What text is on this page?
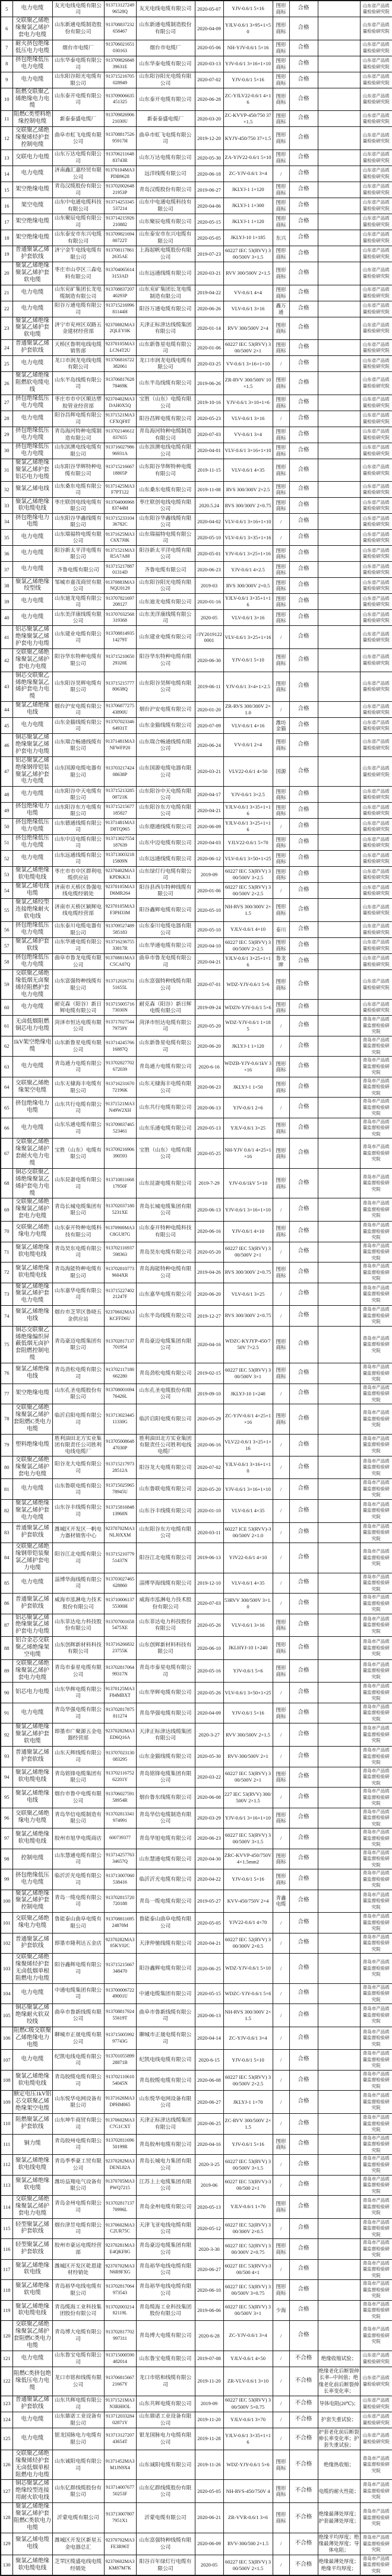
5	电力电缆	友光电线电缆有限公司	91371312724996528Q	友光电线电缆有限公司	2020-05-07	YJV-0.6/1 5×16	图形商标	合格		山东省产品质量检验研究院
6	交联聚乙烯绝缘聚氯乙烯护套电力电缆	山东新通电缆制造股份有限公司	913708837232658467	山东新通电缆制造股份有限公司	2020-04-09	YJLV-0.6/1 3×95+1×50	图形商标	合格		山东省产品质量检验研究院
7	耐火挤包绝缘低压电力电缆	烟台市电缆厂	913706021651030163	烟台市电缆厂	2020-05-06	NH-YJV-0.6/1 5×16	图形商标	合格		山东省产品质量检验研究院
8	挤包绝缘低压电力电缆	山东华泰电缆有限公司	91370982684839631E	山东华泰电缆有限公司	2020-03-13	YJV-0.6/1 3×16+1×10	图形商标	合格		山东省产品质量检验研究院
9	电力电缆	山东阳谷阳光电缆有限公司	913715216705028949	山东阳谷阳光电缆有限公司	2020-07-02	YJV-0.6/1 5×16	图形商标	合格		山东省产品质量检验研究院
10	阻燃交联聚乙烯绝缘电力电缆	山东泰开电缆有限公司	913709006635451325	山东泰开电缆有限公司	2020-06-28	ZC-YJLV22-0.6/1 4×16	图形商标	合格		山东省产品质量检验研究院
11	阻燃C类塑料绝缘控制电缆	新泰泰盛电缆厂	91370982690621030U	新泰泰盛电缆厂	2020-03-20	ZC-KVVP-450/750 37×1.5	图形商标	合格		山东省产品质量检验研究院
12	交联聚乙烯绝缘聚烯烃护套控制电缆	曲阜市虹飞电缆有限公司	91370881752695917H	曲阜市虹飞电缆有限公司	2019-12-20	KYJY-450/750 37×1.5	图形商标	合格		山东省产品质量检验研究院
13	交联电力电缆	山东万达电缆有限公司	91370621164883743R	山东万达电缆有限公司	2020-05-30	ZA-YJV22-0.6/1 5×10	图形商标	合格		山东省产品质量检验研究院
14	电力电缆	济南鑫汇嘉经贸有限公司	91370104MA3PDB9628	远洋线缆有限公司	2020-06-18	ZC-YJV-0.6/1 3×4	/	合格		山东省产品质量检验研究院
15	架空绝缘电缆	青岛汉缆股份有限公司	91370200264821953P	青岛汉缆股份有限公司	2019-06-27	JKLYJ-1 1×120	图形商标	合格		山东省产品质量检验研究院
16	架空电缆	山东中电通电缆科技有限公司	913714253345537214	山东中电通电缆科技有限公司	2020-04-06	JKLYJ-1 1×300	图形商标	合格		山东省产品质量检验研究院
17	架空绝缘电缆	山东聚辰电缆有限公司	913714215926210882	山东聚辰电缆有限公司	2020-05-15	JKLYJ-1 1×120	图形商标	合格		山东省产品质量检验研究院
18	架空绝缘电缆	山东泰安市东兴电缆有限公司	91370982169400722T	山东泰安市东兴电缆有限公司	2020-05-05	JKLYJ-10 1×185	东兴	合格		山东省产品质量检验研究院
19	普通聚氯乙烯护套软线	济宁金牛电线电缆有限公司	9137081178612635AE	上海起帆电缆股份有限公司	2019-07-23	60227 IEC 53(RVV) 300/500V 3×1.5	图形商标	合格		山东省产品质量检验研究院
20	聚氯乙烯绝缘聚氯乙烯护套软电缆	枣庄市山亭区三森电料有限公司	9137040656143153AD	山东远通线缆有限公司	2020-03-21	RVV 300/500V 2×1.5	图形商标	合格		山东省产品质量检验研究院
21	电力电缆	山东兖矿集团长龙电缆制造有限公司	91370883720740293P	山东兖矿集团长龙电缆制造有限公司	2019-04-22	VV-0.6/1 4×4	图形商标	合格		山东省产品质量检验研究院
22	电力电缆	阳谷万通电缆有限公司	91371521699681144H	阳谷万通电缆有限公司	2020-06-26	VLV-0.6/1 3×16	鑫万通	合格		山东省产品质量检验研究院
23	聚氯乙烯绝缘聚氯乙烯护套软电缆	济宁市兖州区双路五金建材经营部	92370882MA32QLEY0K	天津正标津达线缆集团有限公司	2020-01-14	RVV 300/500V 2×4	图形商标	合格		山东省产品质量检验研究院
24	普通聚氯乙烯护套软线	天桥区鲁明电线电缆销售部	92370105MA3LCN4T2U	山东新鲁星电缆有限公司	2020-01-06	60227 IEC 53(RVV) 300/500V 2×1	图形商标	合格		山东省产品质量检验研究院
25	电力电缆	龙口市润龙电线电缆有限公司	913706816722382061	龙口市润龙电线电缆有限公司	2020-03-25	VV-0.6/1 3×16+1×10	/	合格		山东省产品质量检验研究院
26	聚氯乙烯绝缘阻燃软电缆电线	山东半岛线缆有限公司	91370681762878469K	山东半岛线缆有限公司	2019-06-26	ZR-RVV 300/500V 10×1.5	图形商标	合格		山东省产品质量检验研究院
27	挤包绝缘低压电力电缆	枣庄市市中区顺达塑胶管业经营部	92370402MA3DAH0X5Q	宝胜（山东）电缆有限公司	2019-10-16	YJV-0.6/1 3×10+1×6	图形商标	合格		山东省产品质量检验研究院
28	电力电缆	阳谷昌辉电缆有限公司	91371521MA3CFXQF8T	阳谷昌辉电缆有限公司	2020-05-23	VLV-0.6/1 3×16	/	合格		山东省产品质量检验研究院
29	挤包绝缘低压电力电缆	青岛海河特种电缆制造有限公司	913702146612837655	青岛海河特种电缆制造有限公司	2020-07-03	VV-0.6/1 3×4	图形商标	合格		山东省产品质量检验研究院
30	挤包绝缘低压电力电缆	山东滨澳电线电缆有限公司	91371602798696931A	山东滨澳电线电缆有限公司	2020-04-01	VLV-0.6/1 3×16+1×10	图形商标	合格		山东省产品质量检验研究院
31	聚氯乙烯绝缘聚氯乙烯护套铝芯电力电缆	山东阳谷华辉特种电缆有限公司	91371521666718805P	山东阳谷华辉特种电缆有限公司	2019-11-15	VLV-0.6/1 4×35	图形商标	合格		山东省产品质量检验研究院
32	聚氯乙烯电线	山东桑东电缆有限公司	91371425MA3F7PT122	山东桑东电缆有限公司	2019-11-08	RVS 300/300V 2×2.5	图形商标	合格		山东省产品质量检验研究院
33	聚氯乙烯绝缘软电缆电线	枣庄联创电线电缆有限公司	91370400696883744M	枣庄联创电线电缆有限公司	2020.5.24	RVS 300/300V 2×0.75	图形商标	合格		山东省产品质量检验研究院
34	挤包绝缘电力电缆	山东阳谷华鑫线缆有限公司	91371523310436782C	山东阳谷华鑫线缆有限公司	2020-04-02	VLV-0.6/1 3×16+1×10	/	合格		山东省产品质量检验研究院
35	电力电缆	山东瑞福特电缆有限公司	91371625MA3C6X7J0K	山东瑞福特电缆有限公司	2020-05-10	VLV-0.6/1 3×35+1×16	/	合格		山东省产品质量检验研究院
36	电力电缆	阳谷新太平洋电缆有限公司	91371521MA3R5A7A88	阳谷新太平洋电缆有限公司	2020-05-01	YJV-0.6/1 3×25+1×16	图形商标	合格		山东省产品质量检验研究院
37	电力电缆	齐鲁电缆有限公司	91371521788701314D	齐鲁电缆有限公司	2020-06-23	YJV-0.6/1 4×2.5	图形商标	合格		山东省产品质量检验研究院
38	聚氯乙烯绝缘绞型线	邹城市嘉茂商贸有限公司	91370883MA3NQU0129	山东阳谷阳光电缆有限公司	2019-03	RVS 300/300V 2×0.5	图形商标	合格		山东省产品质量检验研究院
39	电力电缆	山东迪龙电缆有限公司	913707821697208127	山东迪龙电缆有限公司	2020-01-16	YJLV-0.6/1 3×35+1×16	图形商标	合格		山东省产品质量检验研究院
40	电力电缆	山东美洋康线缆有限公司	913707032568319368	山东美洋康线缆有限公司	2020-05	VLV-0.6/1 3×16	图形商标	合格		山东省产品质量检验研究院
41	铝芯聚氯乙烯绝缘聚氯乙烯护套电力电缆	山东建业电缆有限公司	91370881493514279T	山东建业电缆有限公司	//JY20191220001	VLV-0.6/1 3×25+1×16	/	合格		山东省产品质量检验研究院
42	交联聚乙烯绝缘聚氯乙烯护套电力电缆	阳谷华东特种电缆有限公司	91371521065029320E	阳谷华东特种电缆有限公司	2020-06-30	YJV-0.6/1 5×10	图形商标	合格		山东省产品质量检验研究院
43	铜芯交联聚乙烯绝缘聚氯乙烯护套电力电缆	山东阳谷昊辉电缆有限公司	91371521577780638Q	山东阳谷昊辉电缆有限公司	2019-06-11	YJV-0.6/1 3×4+1×2.5	图形商标	合格		山东省产品质量检验研究院
44	聚氯乙烯绝缘电线	烟台沪安电缆有限公司	91370687727543890U	烟台沪安电缆有限公司	2020-01-20	ZR-RVS 300/300V 2×1.0	/	合格		山东省产品质量检验研究院
45	电力电缆	山东金猫线缆有限公司	91370702334664931T	山东金猫线缆有限公司	2020-07-09	VLV-0.6/1 4×16	潍坊金猫	合格		山东省产品质量检验研究院
46	铜芯聚氯乙烯绝缘聚氯乙烯护套电力电缆	山东瑞合畅通线缆有限公司	91371481MA3NFWFP20	山东瑞合畅通线缆有限公司	2020-06-24	VV-0.6/1 2×4	图形商标	合格		山东省产品质量检验研究院
47	铝芯聚氯乙烯绝缘钢带铠装聚氯乙烯护套电力电缆	山东国源电缆电器有限公司	91370321742408638P	山东国源电缆电器有限公司	2020-03-21	VLV22-0.6/1 4×50	国源	合格		山东省产品质量检验研究院
48	电力电缆	山东阳谷中天电缆有限公司	91371521328508721K	山东阳谷中天电缆有限公司	2020-04-17	YJV-0.6/1 3×2.5	图形商标	合格		山东省产品质量检验研究院
49	挤包绝缘电力电缆	山东阳谷东方电缆有限公司	913715215677185827	山东阳谷东方电缆有限公司	2020-04-21	YJLV-0.6/1 3×35+1×16	图形商标	合格		山东省产品质量检验研究院
50	挤包绝缘低压电力电缆	山东德通线缆有限公司	91371481MA3D8TQ965	山东德通线缆有限公司	2020-06-09	YJLV-0.6/1 3×25+1×16	/	合格		山东省产品质量检验研究院
51	挤包绝缘低压电力电缆	山东中迈电缆有限公司	913713027554187639	山东中迈电缆有限公司	2020-04-03	YJLV22-0.6/1 5×70	图形商标	合格		山东省产品质量检验研究院
52	电力电缆	山东远通线缆有限公司	91371300321815809N	山东远通线缆有限公司	2020-06-12	VLV-0.6/1 3×50+1×25	图形商标	合格		山东省产品质量检验研究院
53	聚氯乙烯绝缘软电缆电线	枣庄市市中区群利电缆供应站	92370402MA3KPDKK31	山东绿灯行电缆有限公司	2019-09	60227 IEC 53(RVV) 300/500V 3×2.5	图形商标	合格		山东省产品质量检验研究院
54	聚氯乙烯电线电缆	济南市天桥区鲁强电线电缆经销处	92370105MA3D6MR264	阳谷县西尔特种线缆有限公司	2020-01-06	60227 IEC 53(RVV) 300/500V 2×2.5	/	合格		山东省产品质量检验研究院
55	聚氯乙烯绞型连接绝缘耐火软电线	济南市天桥区颖辉电线电缆经营部	92370105MA3F3PH33M	阳谷鑫辉电缆有限公司	2020-05-10	NH-RVS 300/300V 2×1.5	图形商标	合格		山东省产品质量检验研究院
56	挤包绝缘低压电力电缆	山东泰川电缆电器有限公司	913709527489585183	山东泰川电缆电器有限公司	2020-05-10	YJLV-0.6/1 4×10	泰川	合格		山东省产品质量检验研究院
57	聚氯乙烯护套软线	山东华通电缆有限公司	91371623675533817R	山东华通电缆有限公司	2020-04-10	60227 IEC 53(RVV) 300/500V 2×2.5	图形商标	合格		山东省产品质量检验研究院
58	挤包绝缘低压电力电缆	曲阜市鲁龙电缆有限公司	91370881MA3C5CA07Q	曲阜市鲁龙电缆有限公司	2020-04-21	YJLV-0.6/1 3×25+1×16	鲁龙牌	合格		山东省产品质量检验研究院
59	交联聚乙烯绝缘低烟无卤聚烯烃阻燃护套电力电缆	山东富强特种线缆有限公司	91371202673151655L	山东富强特种线缆有限公司	2020-07-01	WDZ-YJY-0.6/1 5×6	图形商标	合格		山东省产品质量检验研究院
60	电力电缆	耐克森（阳谷）新日辉电缆有限公司	91371500571673030N	耐克森（阳谷）新日辉电缆有限公司	2019-09-24	WDZN-YJY-0.6/1 5×6	图形商标	合格		山东省产品质量检验研究院
61	无卤低烟阻燃铜芯电力电缆	菏泽市恒达电缆有限公司	91371702754479759Y	菏泽市恒达电缆有限公司	2020-05-20	WDZ-YJY-0.6/1 1×185	/	合格		青岛市产品质量监督检验研究院
62	1kV架空绝缘电缆	山东新鲁星电缆有限公司	91371424576616887Q	山东新鲁星电缆有限公司	2020-06-20	JKLYJ-1 1×120	/	合格		青岛市产品质量监督检验研究院
63	电力电缆	青岛通力电缆有限公司	913702827702672039	青岛通力电缆有限公司	2020-6-16	WDZB-YJY-0.6/1kV 3×16	图形商标	合格		青岛市产品质量监督检验研究院
64	交联聚乙烯绝缘架空电缆	山东无棣海丰电缆有限公司	91371623167072196K	山东无棣海丰电缆有限公司	2020-06-23	JKLYJ-1 1×50	图形商标	合格		青岛市产品质量监督检验研究院
65	挤包绝缘电力电缆	山东共行电缆有限公司	91371521MA3N49W2XH	山东共行电缆有限公司	2020-06-13	YJV-0.6/1 2×6	/	合格		青岛市产品质量监督检验研究院
66	电力电缆	山东乐通电缆有限公司	913709837465523461	山东乐通电缆有限公司	2020-05-13	YJLV-0.6/1 3×25	图形商标	合格		青岛市产品质量监督检验研究院
67	交联聚乙烯绝缘聚氯乙烯护套耐火电力电缆	宝胜（山东）电缆有限公司	913709216906390593	宝胜（山东）电缆有限公司	2020-05-25	NH-YJV 0.6/1 4×25+1×16	图形商标	合格		青岛市产品质量监督检验研究院
68	铜芯交联聚乙烯绝缘聚氯乙烯护套电力电缆	山东昆嵛电缆有限公司	91371081166817950F	山东昆嵛电缆有限公司	2019-7-29	YJV-0.6/1kV 5×10	图形商标	合格		青岛市产品质量监督检验研究院
69	交联聚乙烯绝缘聚氯乙烯护套电力电缆	青岛长城电缆集团有限公司	9137020371805231XE	青岛长城电缆集团有限公司	2020-06-13	YJV-0.6/1 3×16+1×10	/	合格		青岛市产品质量监督检验研究院
70	交联聚乙烯绝缘电力电缆	山东泰开特种电缆科技有限公司	91370900MA3C8GU87G	山东泰开特种电缆科技有限公司	2020-06-16	YJV-0.6/1 4×10	图形商标	合格		青岛市产品质量监督检验研究院
71	聚氯乙烯绝缘软电缆电线	青岛昊东电缆有限公司	913702116937598363	青岛昊东电缆有限公司	2020-05-20	60227 IEC 53(RVV) 300/500V 2×1	/	合格		青岛市产品质量监督检验研究院
72	聚氯乙烯绝缘软电缆电线	青岛海能特种电缆有限公司	9137028107739604XR	青岛海能特种电缆有限公司	2019-04-26	RVS 300/300V 2×0.75	图形商标	合格		青岛市产品质量监督检验研究院
73	聚氯乙烯绝缘聚氯乙烯护套电力电缆	山东嘉华电缆有限公司	91371522740221247F	山东嘉华电缆有限公司	2020-06-20	VLV-0.6/1 3×25	/	合格		青岛市产品质量监督检验研究院
74	聚氯乙烯绝缘电线	烟台市芝罘区鲁晓五金供应站	92370602MA3KCFFD6U	山东半岛线缆有限公司	2019-12-27	RVS 300/300V 2×0.75	/	合格		青岛市产品质量监督检验研究院
75	铜芯交联聚乙烯绝缘编织屏蔽低烟无卤护套阻燃控制电缆	青岛豪迈电缆集团有限公司	913702817137701954	青岛豪迈电缆集团有限公司	2020-04-16	WDZC-KYJYP-450/750V 7×2.5	图形商标	合格		青岛市产品质量监督检验研究院
76	聚氯乙烯绝缘电线	青岛劲松电缆有限公司	913702117180662280	青岛劲松电缆有限公司	2019-02-15	60227 IEC 53(RVV) 300/500V 3×1	图形商标	合格		青岛市产品质量监督检验研究院
77	架空绝缘电缆	山东孔圣电缆股份有限公司	91370800169476426L	山东孔圣电缆股份有限公司	2019-09-10	JKLYJ-10 1×240	/	合格		青岛市产品质量监督检验研究院
78	交联聚乙烯绝缘聚氯乙烯护套阻燃C类电力电缆	临沂启阳电缆有限公司	91371302344511330G	临沂启阳电缆有限公司	2020-05-29	ZC-YJV-0.6/1 4×25+1×16	图形商标	合格		青岛市产品质量监督检验研究院
79	塑料绝缘电缆	胜利油田北方实业集团有限责任公司胜利电线电缆厂	91370500864847030P	胜利油田北方实业集团有限责任公司胜利电线电缆厂	2020-06-16	VLV22-0.6/1 3×25+1×16	/	合格		青岛市产品质量监督检验研究院
80	交联聚乙烯绝缘聚氯乙烯护套电力电缆	阳谷龙大电缆有限公司	91371521797328512A	阳谷龙大电缆有限公司	2020-07-02	YJLV-0.6/1 3×16+1×10	/	合格		青岛市产品质量监督检验研究院
81	电力电缆	山东鲁联电缆有限公司	91371502596578945U	山东鲁联电缆有限公司	2020-05-20	YJV-0.6/1 3×16+1×10	/	合格		青岛市产品质量监督检验研究院
82	聚氯乙烯绝缘聚氯乙烯护套电力电缆	山东谷丰线缆有限公司	91371581684813968N	山东谷丰线缆有限公司	2020-01-10	VLV-0.6/1 4×35	/	合格		青岛市产品质量监督检验研究院
83	普通聚氯乙烯护套软线	潍城区开发区一帆电力器材销售中心	92370702MA3NLJ0XXM	山东阳谷东方电缆有限公司	2020-03-11	60227 ICE 53(RVV)-300/500V 2×1.0	/	合格		青岛市产品质量监督检验研究院
84	交联聚乙烯绝缘钢带铠装聚氯乙烯护套电力电缆	阳谷江北电缆有限公司	91371521077951437N	阳谷江北电缆有限公司	2019-06-13	YJV22-0.6/1 4×10	/	合格		青岛市产品质量监督检验研究院
85	电力电缆	淄博华海线缆有限公司	913703027465628860	淄博华海线缆有限公司	2019-12-10	VLV-0.6/1 4×35	/	合格		青岛市产品质量监督检验研究院
86	普通聚氯乙烯护套软线	威海市泓淋电力技术股份有限公司	91371000613755300H	威海市泓淋电力技术股份有限公司	2020-07-03	53RVV 300/500V 3×1.0	/	合格		青岛市产品质量监督检验研究院
87	铝芯聚氯乙烯绝缘聚氯乙烯护套电力电缆	山东菲达电力科技股份有限公司	9137070016585475XE	山东菲达电力科技股份有限公司	2020-05-26	VLV-0.6/1 3×16	图形商标	合格		青岛市产品质量监督检验研究院
88	铝合金芯交联聚乙烯绝缘架空电缆	山东创辉新材料科技有限公司	91371626683223755K	山东创辉新材料科技有限公司	2020-06-10	JKLHYJ-10 1×240	图形商标	合格		青岛市产品质量监督检验研究院
89	交联聚乙烯绝缘聚氯乙烯护套电力电缆	青岛市泰星电缆有限公司	91370281706499317N	青岛市泰星电缆有限公司	2020-05-16	YJV-0.6/1 5×6	图形商标	合格		青岛市产品质量监督检验研究院
90	铝芯电力电缆	山东华辉电缆有限公司	91370125MA3F84MBXT	山东华辉电缆有限公司	2020-05-26	VLV-0.6/1 3×50+1×25	/	合格		青岛市产品质量监督检验研究院
91	电力电缆	青岛华强电缆有限公司	913702817875811274	青岛华强电缆有限公司	2020-04-09	YJV-0.6/1 5×16	图形商标	合格		青岛市产品质量监督检验研究院
92	聚氯乙烯绝缘聚氯乙烯护套软电缆	即墨市广聚源五金电器经营部	92370282MA3ED6Q16A	天津正标津达线缆集团有限公司	2020-3-27	RVV 300/500V 2×1.5	/	合格		青岛市产品质量监督检验研究院
93	普通聚氯乙烯护套软线	山东天辉线缆有限公司	913707023130083295	山东金猫线缆有限公司	2020-05-30	RVV-300/500V 2×1	/	合格		青岛市产品质量监督检验研究院
94	聚氯乙烯绝缘软电缆电线	青岛铭锋电缆集团有限公司	91370211675262201Y	青岛铭锋电缆集团有限公司	2020-03-22	60227 IEC 53(RVV) 300/500V 2×1	图形商标	合格		青岛市产品质量监督检验研究院
95	聚氯乙烯绝缘电线	烟台市鲁中电缆有限公司	91370602759158954R	烟台鲁东线缆有限公司	2020-06-08	227 IEC 53(RVV) 300/500V 2×1.5	/	合格		青岛市产品质量监督检验研究院
96	交联聚乙烯绝缘电力电缆	青岛华信电缆制造有限公司	913702813341974991	青岛华信电缆制造有限公司	2020-03-29	YJV-0.6/1 3×16+1×10	图形商标	合格		青岛市产品质量监督检验研究院
97	聚氯乙烯绝缘软电缆电线	胶州市旭华电缆商店	600739377	青岛华旭电缆有限公司	2020-06-23	60227 IEC 53(RVV) 300/500V 3×1.5	/	合格		青岛市产品质量监督检验研究院
98	控制电缆	山东慧通电缆有限公司	91371425776334657Q	山东慧通电缆有限公司	2020-04-30	ZRC-KVVP-450/750V 4×1.5mm2	图形商标	合格		青岛市产品质量监督检验研究院
99	挤包绝缘低压电力电缆	临沂沂光电缆有限公司	913713007060538416	临沂沂光电缆有限公司	2020-04-22	YJV-0.6/1 5×16	图形商标	合格		青岛市产品质量监督检验研究院
100	聚氯乙烯绝缘聚氯乙烯护套控制电缆	青岛一缆电缆有限公司	913702815720720188	青岛一缆电缆有限公司	2019-05-27	KVV-450/750V 2×4	青鑫电缆	合格		青岛市产品质量监督检验研究院
101	交联聚乙烯绝缘电力电缆	鲁能泰山曲阜电缆有限公司	91370881169524870M	鲁能泰山曲阜电缆有限公司	2020-05-05	YJV22-0.6/1 4×70	/	合格		青岛市产品质量监督检验研究院
102	普通聚氯乙烯护套软线	即墨市隆利达五金店	92370282MA305KY02C	天津仲驰线缆有限公司	2020-04-21	60227 IEC 52(RVV) 300/300V 2×0.5	/	合格		青岛市产品质量监督检验研究院
103	交联聚乙烯绝缘聚烯烃护套无卤低烟单根阻燃电力电缆	阳谷鑫辉电缆有限公司	913715215667348470	阳谷鑫辉电缆有限公司	2020-06-25	WDZ-YJV-0.6/1 5×10	/	合格		青岛市产品质量监督检验研究院
104	电力电缆	中通电缆集团有限公司	91370000672249001U	中通电缆集团有限公司	2020-05-15	WDZC-YJY-0.6/1 5×6	/	合格		青岛市产品质量监督检验研究院
105	铜芯聚氯乙烯绝缘耐火软双绞线	曲阜市鲁新线缆有限公司	91370881792455619T	曲阜市鲁新线缆有限公司	2020-06-13	NH-RVS 300/300V 2×1.5	/	合格		青岛市产品质量监督检验研究院
106	阻燃C级交联聚乙烯绝缘电力电缆	聊城市正晟电缆有限公司	91371500599297743G	聊城市正晟电缆有限公司	2020-04-14	ZC-YJV-0.6/1 3×4	/	合格		青岛市产品质量监督检验研究院
107	电力电缆	纪凯电线电缆有限公司	91370105589928871B	纪凯电线电缆有限公司	2020-6-15	YJV-0.6/1 5×10	/	合格		青岛市产品质量监督检验研究院
108	聚氯乙烯绝缘软电缆电线	青岛胶缆电缆有限公司	91370211061054045N	青岛胶缆电缆有限公司	2020-06-08	60227 IEC 53(RVV) 300/500V 2×2.5	/	合格		青岛市产品质量监督检验研究院
109	额定电压1kV铝芯交联聚乙烯绝缘架空电缆	山东悦华电网设备有限公司	91371626MA3DPHM065	山东悦华电网设备有限公司	2020-06-27	JKLYJ-1 1×70	/	合格		青岛市产品质量监督检验研究院
110	阻燃聚氯乙烯护套软线	山东坤牛商贸有限公司	91370602MA3C7G1CXT	天津正标津达线缆集团有限公司	2020-06-25	ZC-RVV 300/500V 2×1.5	/	合格		青岛市产品质量监督检验研究院
111	铜力缆	青岛胶州电缆有限公司	91370281169650199R	青岛胶州电缆有限公司	2020-04-16	YJV-0.6/1 5×16	图形商标	合格		青岛市产品质量监督检验研究院
112	聚氯乙烯绝缘软电线电缆	青岛季季豪工贸有限公司	92370282MA3DENL82A	青岛长城电力集团有限公司	2020-3-25	60227 IEC 53(RVV) 300/500V 3×1.5	/	合格		青岛市产品质量监督检验研究院
113	聚氯乙烯绝缘软电缆	潍坊益翔电气设备有限公司	91370705MA3PWQ7215	江苏上上电缆集团有限公司	2019-06	60227 IEC 53(RVV)-300/500 2×1	/	合格		青岛市产品质量监督检验研究院
114	交联聚乙烯绝缘聚氯乙烯护套电力电缆	青岛金州电缆有限公司	91370281713770996L	青岛金州电缆有限公司	2020-05-13	YJLV-0.6/1 1×70	图形商标	合格		青岛市产品质量监督检验研究院
115	轻型聚氯乙烯护套软线	烟台津昱电缆有限公司	91370602MA3C2UR75C	天津飞亚电线电缆有限公司	2020-05-12	60227 IEC 52(RVV) 300/300V 2×0.5	/	合格		青岛市产品质量监督检验研究院
116	轻型聚氯乙烯护套软线	胶州市豪运电缆经营部	92370281MA3E4QKF8G	青岛豪迈电缆集团有限公司	2020-3-30	60227 IEC 52(RVV) 300/300V 2×0.75	图形商标	合格		青岛市产品质量监督检验研究院
117	聚氯乙烯绝缘软电线	潍城区开发区乾恩建材经销处	92370702MA3N6R9FXG	青岛裕华电线电缆有限公司	2020-06-27	60227 IEC 53(RVV)-300/500 4×1	/	合格		青岛市产品质量监督检验研究院
118	聚氯乙烯绝缘软电缆	青岛裕华电线电缆有限公司	913702817064973543	青岛裕华电线电缆有限公司	2020-06-10	60227 IEC 53(RVV) 300/500V 3×0.75	图形商标	合格		青岛市产品质量监督检验研究院
119	聚氯乙烯绝缘软电缆电线	青岛缆海工业科技集团股份有限公司	91370200321482119L	青岛缆海工业科技集团股份有限公司	2019-06-06	60227 IEC 53(RVV) 300/500V 3×1	少海	合格		青岛市产品质量监督检验研究院
120	交联聚乙烯绝缘聚氯乙烯护套阻燃C类电力电缆	青岛博大电缆有限公司	913702817702997311	青岛博大电缆有限公司	2020-6-28	ZC-YJV-0.6/1 3×4	/	合格		青岛市产品质量监督检验研究院
121	电力电缆	山东鲁宝电缆有限公司	913715000590482014	山东鲁宝电缆有限公司	2019-07-08	YJLV-0.6/1 4×50	/	不合格	绝缘收缩试验；	山东省产品质量检验研究院
122	阻燃C类挤包绝缘低压电力电缆	龙口市铭和线缆有限公司	91370681566721667Y	龙口市铭和线缆有限公司	2019-11-20	ZR-VLV-0.6/1 3×10	/	不合格	绝缘老化后断裂伸长率--中间值；绝缘老化前后断裂伸长率变化率；	山东省产品质量检验研究院
123	普通聚氯乙烯护套软线	山东共辉电缆有限公司	91371521MA3N3RH0OL	山东共辉电缆有限公司	2019-09	60227 IEC 53(RVV) 300/500V 5×0.75	/	不合格	导体电阻(20℃)；	山东省产品质量检验研究院
124	电力电缆	山东鼎诺工业设备有限公司	91371203328402871Y	山东鼎诺工业设备有限公司	2019-11-20	YJLV-0.6/1 3×70	/	不合格	护套失重试验；	山东省产品质量检验研究院
125	电力电缆	银龙国脉电力电缆有限公司	91371312720743654T	银龙国脉电力电缆有限公司	2019-11-28	YJLV-0.6/1 3×35+1×16	/	不合格	护套老化前后断裂伸长率变化率；护套失重试验；	山东省产品质量检验研究院
126	交联聚乙烯绝缘聚烯烃护套无卤低烟单根阻燃电力电缆	山东诚阳电缆有限公司	91371452MA3M1JN9X4	山东诚阳电缆有限公司	2019-11-26	WDZ-YJY-0.6/1 5×6	图形商标	不合格	绝缘热收缩；	青岛市产品质量监督检验研究院
127	铜芯聚氯乙烯绝缘绞型连接用耐火软电线	山东亿群线缆股份有限公司	91371400767750253F	山东亿群线缆股份有限公司	2020-05-05	NH-RVS-450/750V 4	图形商标	不合格	电缆的耐火性能；	青岛市产品质量监督检验研究院
128	聚氯乙烯绝缘聚氯乙烯护套阻燃C类软电力电缆	沂蒙电缆有限公司	9137130078077951X1	沂蒙电缆有限公司	2020-06-21	ZR-VVR-0.6/1 3×6	图形商标	不合格	绝缘最薄处厚度；护套最薄处厚度；	青岛市产品质量监督检验研究院
129	聚氯乙烯电缆电线	潍城区开发区新星五金电器总汇	92370702MA3FE3R96T	山东富强特种线缆有限公司	2020-06-09	RVV-300/500 2×1.5	/	不合格	绝缘平均厚度；绝缘最薄处厚度；导体电阻；	青岛市产品质量监督检验研究院
130	聚氯乙烯绝缘软电缆电线	芝罘区缆盛电线电缆经销处	92370602MA3KM87M7K	阳谷百年绿灯行电缆有限公司	2020-05	60227 IEC 53(RVV) 300/500V 2×1.5	/	不合格	绝缘最薄处厚度；绝缘平均厚度；	青岛市产品质量监督检验研究院
